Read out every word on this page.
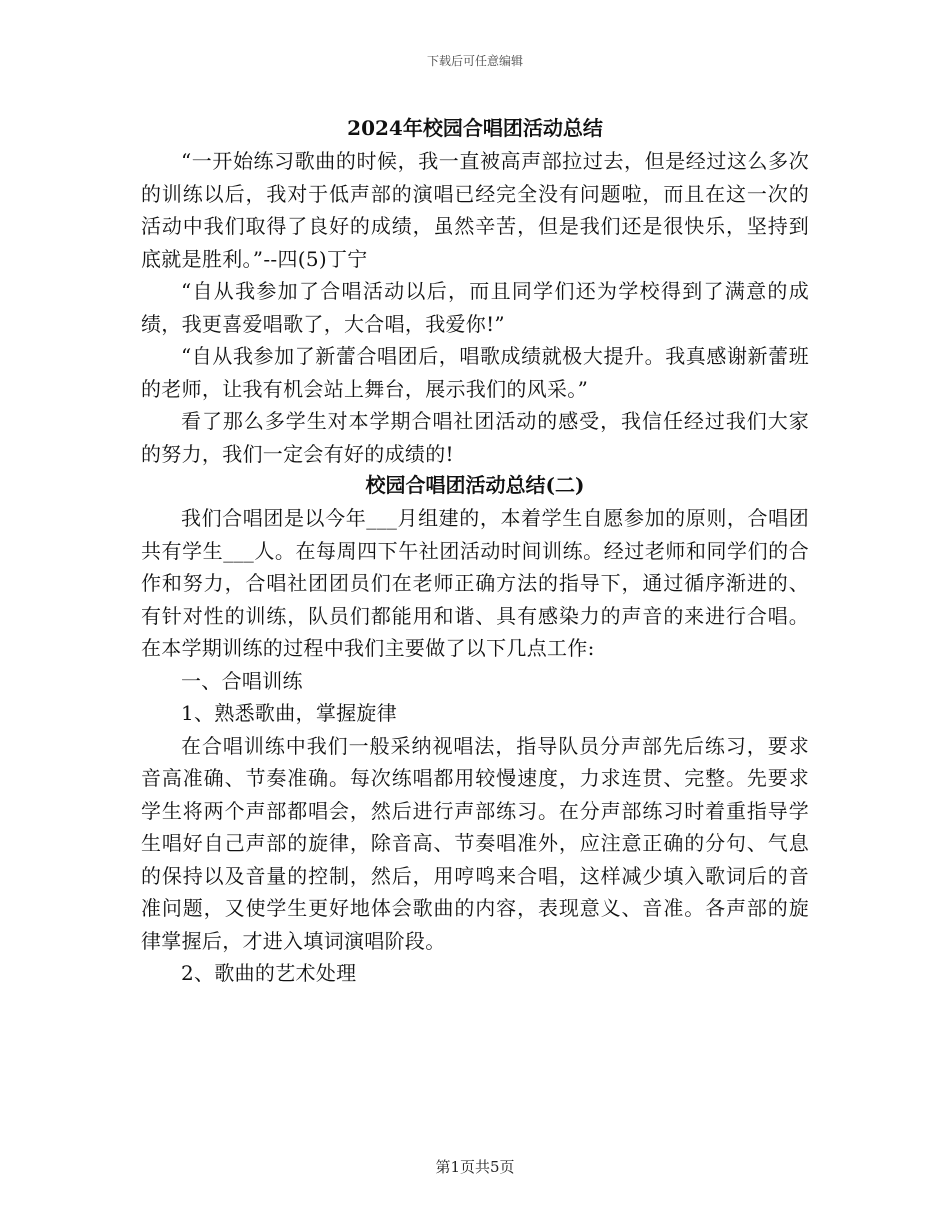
下载后可任意编辑
2024年校园合唱团活动总结

“一开始练习歌曲的时候，我一直被高声部拉过去，但是经过这么多次的训练以后，我对于低声部的演唱已经完全没有问题啦，而且在这一次的活动中我们取得了良好的成绩，虽然辛苦，但是我们还是很快乐，坚持到底就是胜利。”--四(5)丁宁

“自从我参加了合唱活动以后，而且同学们还为学校得到了满意的成绩，我更喜爱唱歌了，大合唱，我爱你!”

“自从我参加了新蕾合唱团后，唱歌成绩就极大提升。我真感谢新蕾班的老师，让我有机会站上舞台，展示我们的风采。”

看了那么多学生对本学期合唱社团活动的感受，我信任经过我们大家的努力，我们一定会有好的成绩的!

校园合唱团活动总结(二)

我们合唱团是以今年___月组建的，本着学生自愿参加的原则，合唱团共有学生___人。在每周四下午社团活动时间训练。经过老师和同学们的合作和努力，合唱社团团员们在老师正确方法的指导下，通过循序渐进的、有针对性的训练，队员们都能用和谐、具有感染力的声音的来进行合唱。在本学期训练的过程中我们主要做了以下几点工作:

一、合唱训练

1、熟悉歌曲，掌握旋律

在合唱训练中我们一般采纳视唱法，指导队员分声部先后练习，要求音高准确、节奏准确。每次练唱都用较慢速度，力求连贯、完整。先要求学生将两个声部都唱会，然后进行声部练习。在分声部练习时着重指导学生唱好自己声部的旋律，除音高、节奏唱准外，应注意正确的分句、气息的保持以及音量的控制，然后，用哼鸣来合唱，这样减少填入歌词后的音准问题，又使学生更好地体会歌曲的内容，表现意义、音准。各声部的旋律掌握后，才进入填词演唱阶段。

2、歌曲的艺术处理

第1页共5页
